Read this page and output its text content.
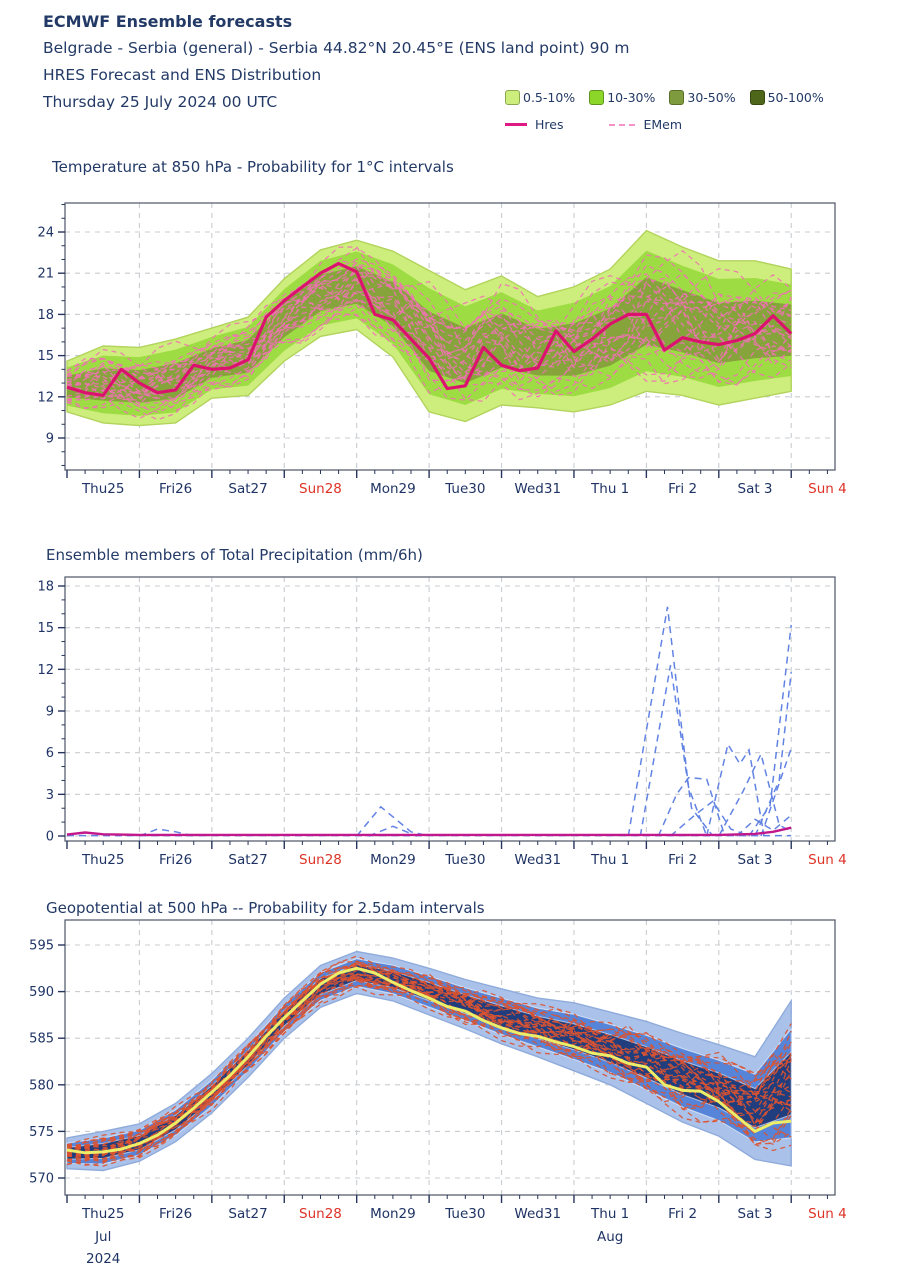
ECMWF Ensemble forecasts
Belgrade - Serbia (general) - Serbia 44.82°N 20.45°E (ENS land point) 90 m
HRES Forecast and ENS Distribution
Thursday 25 July 2024 00 UTC	0.5-10%	10-30%	30-50%	50-100%
Hres	EMem
Temperature at 850 hPa - Probability for 1°C intervals
Ensemble members of Total Precipitation (mm/6h)
Geopotential at 500 hPa -- Probability for 2.5dam intervals
9
12
15
18
21
24
Thu25	Fri26	Sat27 Sun28 Mon29 Tue30 Wed31 Thu 1	Fri 2	Sat 3	Sun 4
0
3
6
9
12
15
18
Thu25	Fri26	Sat27 Sun28 Mon29 Tue30 Wed31 Thu 1	Fri 2	Sat 3	Sun 4
570
575
580
585
590
595
Thu25	Fri26	Sat27 Sun28 Mon29 Tue30 Wed31 Thu 1	Fri 2	Sat 3	Sun 4
Jul	Aug
2024
